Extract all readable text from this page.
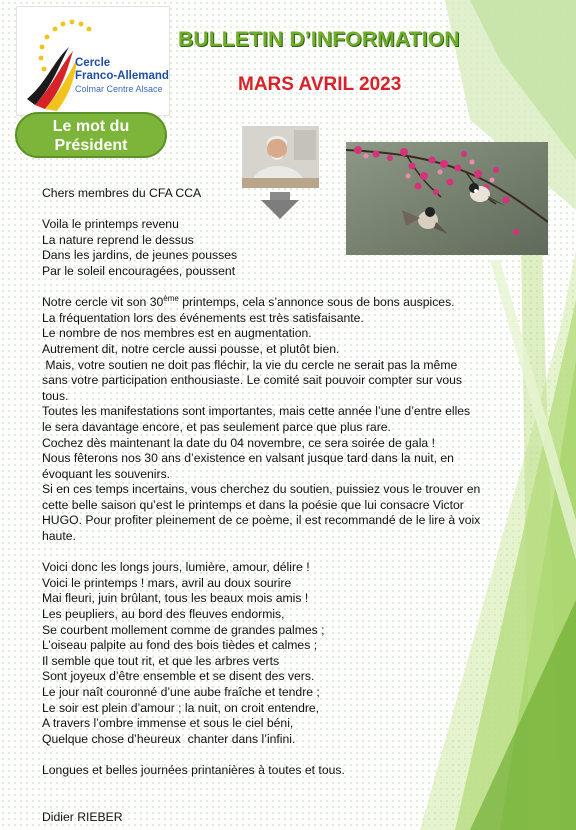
Cercle
Franco-Allemand
Colmar Centre Alsace
BULLETIN D’INFORMATION
MARS AVRIL 2023
Le mot du
Président

Chers membres du CFA CCA

Voila le printemps revenu

La nature reprend le dessus

Dans les jardins, de jeunes pousses

Par le soleil encouragées, poussent

Notre cercle vit son 30ème printemps, cela s’annonce sous de bons auspices.

La fréquentation lors des événements est très satisfaisante.

Le nombre de nos membres est en augmentation.

Autrement dit, notre cercle aussi pousse, et plutôt bien.

Mais, votre soutien ne doit pas fléchir, la vie du cercle ne serait pas la même sans votre participation enthousiaste. Le comité sait pouvoir compter sur vous tous.

Toutes les manifestations sont importantes, mais cette année l’une d’entre elles le sera davantage encore, et pas seulement parce que plus rare.

Cochez dès maintenant la date du 04 novembre, ce sera soirée de gala !

Nous fêterons nos 30 ans d’existence en valsant jusque tard dans la nuit, en évoquant les souvenirs.

Si en ces temps incertains, vous cherchez du soutien, puissiez vous le trouver en cette belle saison qu’est le printemps et dans la poésie que lui consacre Victor HUGO. Pour profiter pleinement de ce poème, il est recommandé de le lire à voix haute.

Voici donc les longs jours, lumière, amour, délire !

Voici le printemps ! mars, avril au doux sourire

Mai fleuri, juin brûlant, tous les beaux mois amis !

Les peupliers, au bord des fleuves endormis,

Se courbent mollement comme de grandes palmes ;

L’oiseau palpite au fond des bois tièdes et calmes ;

Il semble que tout rit, et que les arbres verts

Sont joyeux d’être ensemble et se disent des vers.

Le jour naît couronné d’une aube fraîche et tendre ;

Le soir est plein d’amour ; la nuit, on croit entendre,

A travers l’ombre immense et sous le ciel béni,

Quelque chose d’heureux  chanter dans l’infini.

Longues et belles journées printanières à toutes et tous.

Didier RIEBER
